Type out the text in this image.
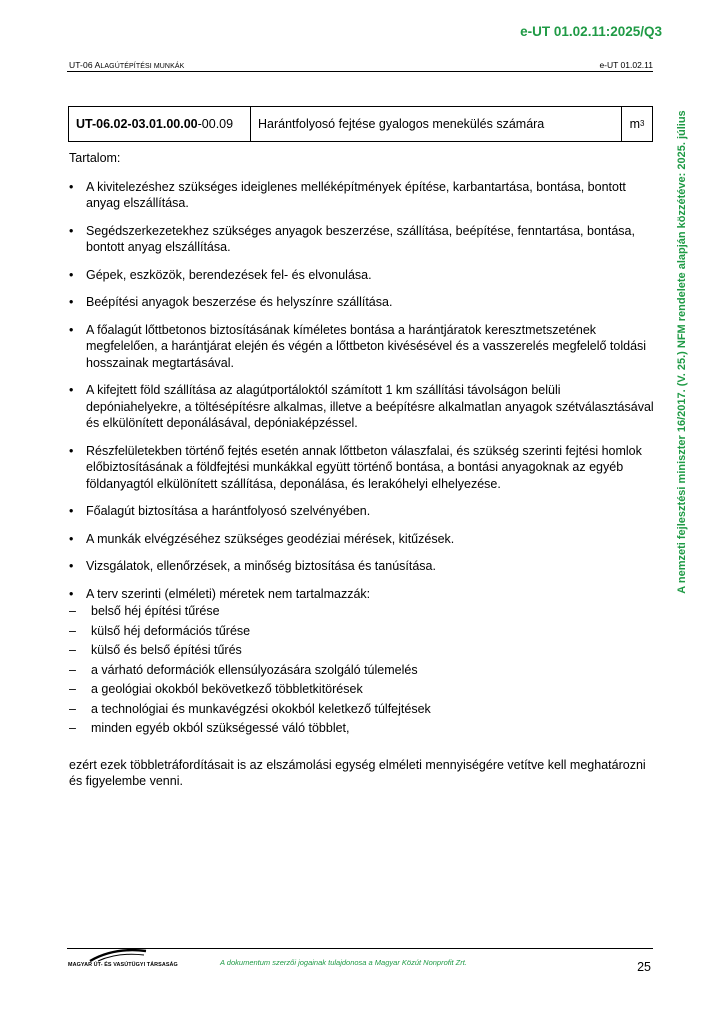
e-UT 01.02.11:2025/Q3
UT-06 ALAGÚTÉPÍTÉSI MUNKÁK	e-UT 01.02.11
A nemzeti fejlesztési miniszter 16/2017. (V. 25.) NFM rendelete alapján közzétéve: 2025. július
UT-06.02-03.01.00.00 -00.09	Harántfolyosó fejtése gyalogos menekülés számára	m 3

Tartalom:

• A kivitelezéshez szükséges ideiglenes melléképítmények építése, karbantartása, bontása, bontott anyag elszállítása.
• Segédszerkezetekhez szükséges anyagok beszerzése, szállítása, beépítése, fenntartása, bontása, bontott anyag elszállítása.
• Gépek, eszközök, berendezések fel- és elvonulása.
• Beépítési anyagok beszerzése és helyszínre szállítása.
• A főalagút lőttbetonos biztosításának kíméletes bontása a harántjáratok keresztmetszetének megfelelően, a harántjárat elején és végén a lőttbeton kivésésével és a vasszerelés megfelelő toldási hosszainak megtartásával.
• A kifejtett föld szállítása az alagútportáloktól számított 1 km szállítási távolságon belüli depóniahelyekre, a töltésépítésre alkalmas, illetve a beépítésre alkalmatlan anyagok szétválasztásával és elkülönített deponálásával, depóniaképzéssel.
• Részfelületekben történő fejtés esetén annak lőttbeton válaszfalai, és szükség szerinti fejtési homlok előbiztosításának a földfejtési munkákkal együtt történő bontása, a bontási anyagoknak az egyéb földanyagtól elkülönített szállítása, deponálása, és lerakóhelyi elhelyezése.
• Főalagút biztosítása a harántfolyosó szelvényében.
• A munkák elvégzéséhez szükséges geodéziai mérések, kitűzések.
• Vizsgálatok, ellenőrzések, a minőség biztosítása és tanúsítása.
• A terv szerinti (elméleti) méretek nem tartalmazzák:
– belső héj építési tűrése
– külső héj deformációs tűrése
– külső és belső építési tűrés
– a várható deformációk ellensúlyozására szolgáló túlemelés
– a geológiai okokból bekövetkező többletkitörések
– a technológiai és munkavégzési okokból keletkező túlfejtések
– minden egyéb okból szükségessé váló többlet,

ezért ezek többletráfordításait is az elszámolási egység elméleti mennyiségére vetítve kell meghatározni és figyelembe venni.

MAGYAR ÚT- ÉS VASÚTÜGYI TÁRSASÁG	A dokumentum szerzői jogainak tulajdonosa a Magyar Közút Nonprofit Zrt.	25
